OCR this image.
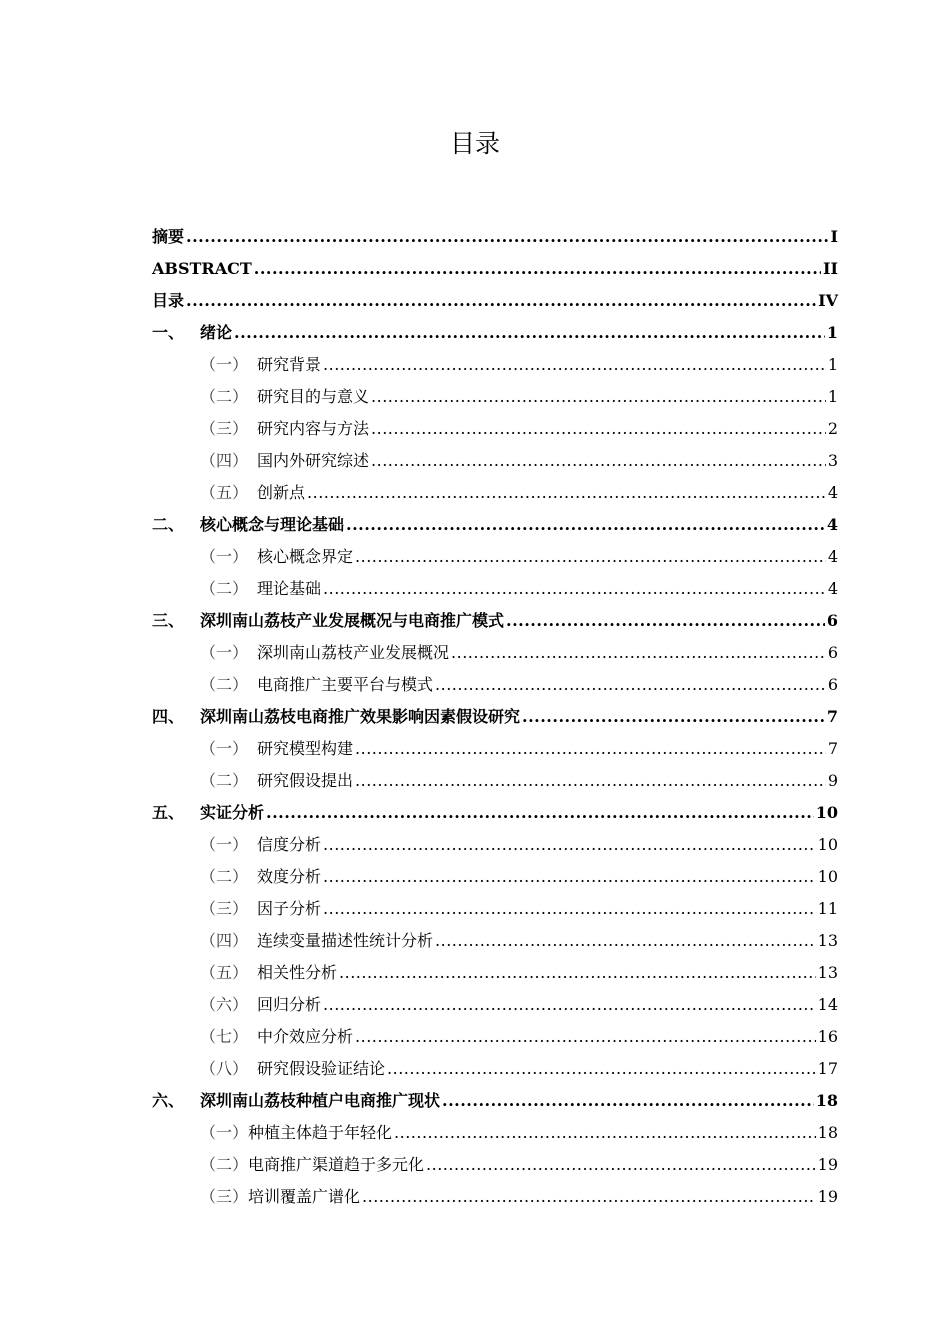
目录
摘要 .....	I
ABSTRACT .....	II
目录 .....	IV
一、 绪论 .....	1
（一） 研究背景 .....	1
（二） 研究目的与意义 .....	1
（三） 研究内容与方法 .....	2
（四） 国内外研究综述 .....	3
（五） 创新点 .....	4
二、 核心概念与理论基础 .....	4
（一） 核心概念界定 .....	4
（二） 理论基础 .....	4
三、 深圳南山荔枝产业发展概况与电商推广模式 .....	6
（一） 深圳南山荔枝产业发展概况 .....	6
（二） 电商推广主要平台与模式 .....	6
四、 深圳南山荔枝电商推广效果影响因素假设研究 .....	7
（一） 研究模型构建 .....	7
（二） 研究假设提出 .....	9
五、 实证分析 .....	10
（一） 信度分析 .....	10
（二） 效度分析 .....	10
（三） 因子分析 .....	11
（四） 连续变量描述性统计分析 .....	13
（五） 相关性分析 .....	13
（六） 回归分析 .....	14
（七） 中介效应分析 .....	16
（八） 研究假设验证结论 .....	17
六、 深圳南山荔枝种植户电商推广现状 .....	18
（一） 种植主体趋于年轻化 .....	18
（二） 电商推广渠道趋于多元化 .....	19
（三） 培训覆盖广谱化 .....	19
